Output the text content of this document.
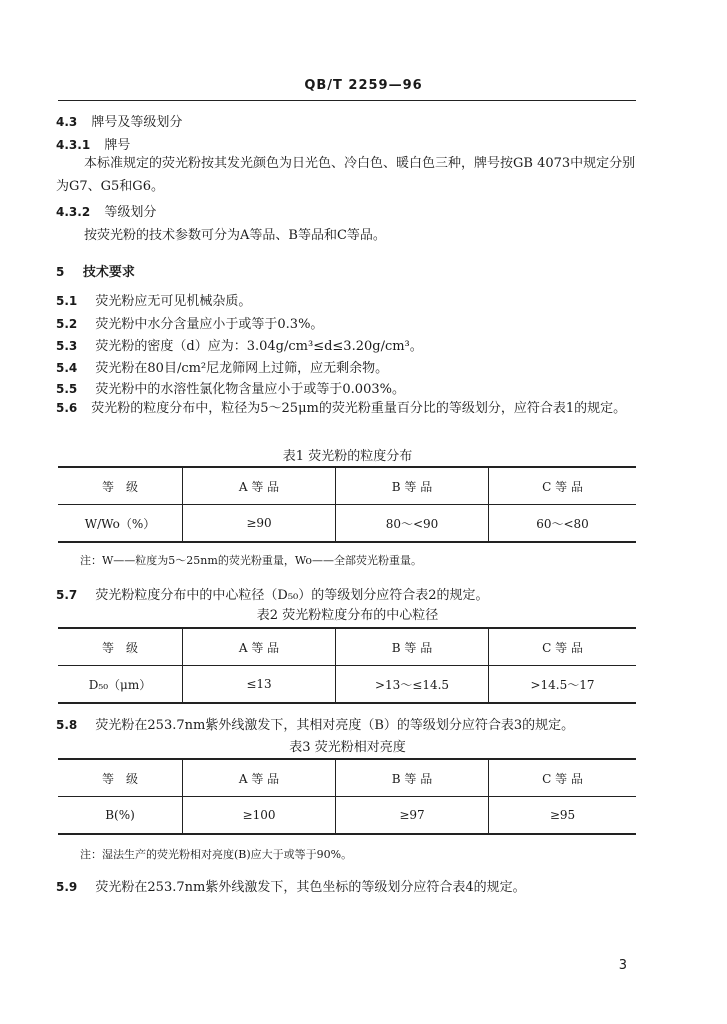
QB/T 2259—96
4.3 牌号及等级划分
4.3.1 牌号
本标准规定的荧光粉按其发光颜色为日光色、冷白色、暖白色三种，牌号按GB 4073中规定分别为G7、G5和G6。
4.3.2 等级划分
按荧光粉的技术参数可分为A等品、B等品和C等品。
5 技术要求
5.1 荧光粉应无可见机械杂质。
5.2 荧光粉中水分含量应小于或等于0.3%。
5.3 荧光粉的密度（d）应为：3.04g/cm³≤d≤3.20g/cm³。
5.4 荧光粉在80目/cm²尼龙筛网上过筛，应无剩余物。
5.5 荧光粉中的水溶性氯化物含量应小于或等于0.003%。
5.6 荧光粉的粒度分布中，粒径为5～25μm的荧光粉重量百分比的等级划分，应符合表1的规定。
表1 荧光粉的粒度分布
等　级	A 等 品	B 等 品	C 等 品
W/Wo（%）	≥90	80～<90	60～<80
注：W——粒度为5～25nm的荧光粉重量，Wo——全部荧光粉重量。
5.7 荧光粉粒度分布中的中心粒径（D₅₀）的等级划分应符合表2的规定。
表2 荧光粉粒度分布的中心粒径
等　级	A 等 品	B 等 品	C 等 品
D₅₀（μm）	≤13	>13～≤14.5	>14.5～17
5.8 荧光粉在253.7nm紫外线激发下，其相对亮度（B）的等级划分应符合表3的规定。
表3 荧光粉相对亮度
等　级	A 等 品	B 等 品	C 等 品
B(%)	≥100	≥97	≥95
注：湿法生产的荧光粉相对亮度(B)应大于或等于90%。
5.9 荧光粉在253.7nm紫外线激发下，其色坐标的等级划分应符合表4的规定。
3
